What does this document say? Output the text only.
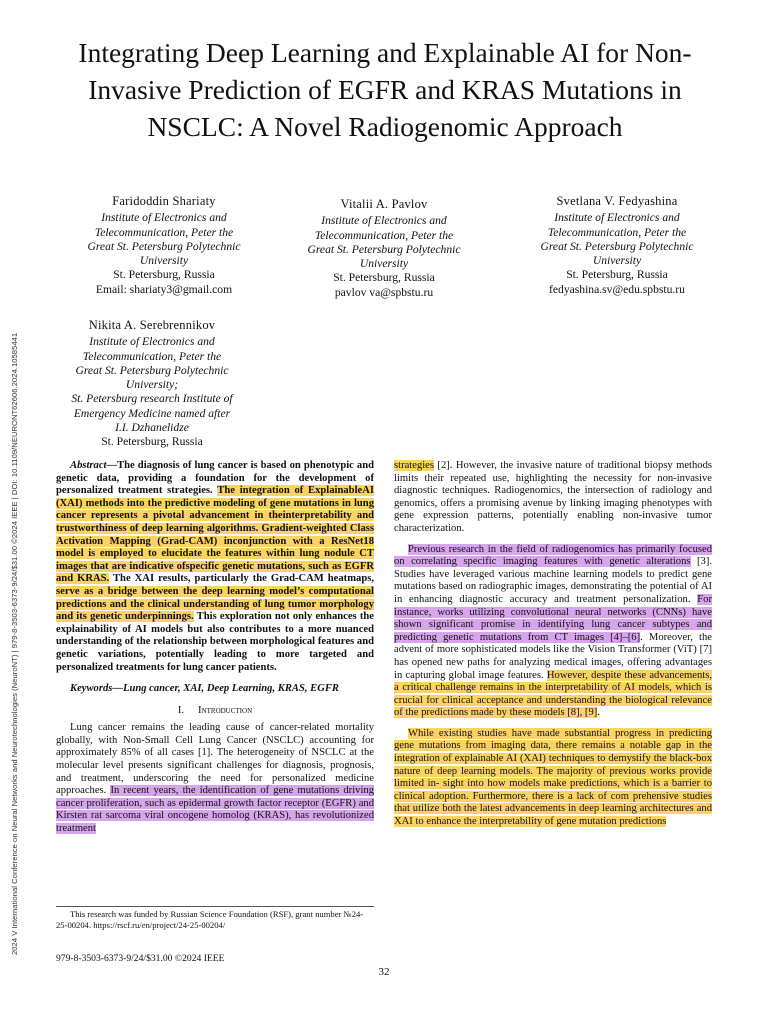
2024 V International Conference on Neural Networks and Neurotechnologies (NeuroNT) | 979-8-3503-6373-9/24/$31.00 ©2024 IEEE | DOI: 10.1109/NEURONT62606.2024.10585441
Integrating Deep Learning and Explainable AI for Non-Invasive Prediction of EGFR and KRAS Mutations in NSCLC: A Novel Radiogenomic Approach
Faridoddin Shariaty
Institute of Electronics and
Telecommunication, Peter the
Great St. Petersburg Polytechnic
University
St. Petersburg, Russia
Email: shariaty3@gmail.com
Vitalii A. Pavlov
Institute of Electronics and
Telecommunication, Peter the
Great St. Petersburg Polytechnic
University
St. Petersburg, Russia
pavlov va@spbstu.ru
Svetlana V. Fedyashina
Institute of Electronics and
Telecommunication, Peter the
Great St. Petersburg Polytechnic
University
St. Petersburg, Russia
fedyashina.sv@edu.spbstu.ru
Nikita A. Serebrennikov
Institute of Electronics and
Telecommunication, Peter the
Great St. Petersburg Polytechnic
University;
St. Petersburg research Institute of
Emergency Medicine named after
I.I. Dzhanelidze
St. Petersburg, Russia

Abstract—The diagnosis of lung cancer is based on phenotypic and genetic data, providing a foundation for the development of personalized treatment strategies. The integration of ExplainableAI (XAI) methods into the predictive modeling of gene mutations in lung cancer represents a pivotal advancement in theinterpretability and trustworthiness of deep learning algorithms. Gradient-weighted Class Activation Mapping (Grad-CAM) inconjunction with a ResNet18 model is employed to elucidate the features within lung nodule CT images that are indicative ofspecific genetic mutations, such as EGFR and KRAS. The XAI results, particularly the Grad-CAM heatmaps, serve as a bridge between the deep learning model’s computational predictions and the clinical understanding of lung tumor morphology and its genetic underpinnings. This exploration not only enhances the explainability of AI models but also contributes to a more nuanced understanding of the relationship between morphological features and genetic variations, potentially leading to more targeted and personalized treatments for lung cancer patients.

Keywords—Lung cancer, XAI, Deep Learning, KRAS, EGFR

I. Introduction

Lung cancer remains the leading cause of cancer-related mortality globally, with Non-Small Cell Lung Cancer (NSCLC) accounting for approximately 85% of all cases [1]. The heterogeneity of NSCLC at the molecular level presents significant challenges for diagnosis, prognosis, and treatment, underscoring the need for personalized medicine approaches. In recent years, the identification of gene mutations driving cancer proliferation, such as epidermal growth factor receptor (EGFR) and Kirsten rat sarcoma viral oncogene homolog (KRAS), has revolutionized treatment

This research was funded by Russian Science Foundation (RSF), grant number №24-25-00204. https://rscf.ru/en/project/24-25-00204/

strategies [2]. However, the invasive nature of traditional biopsy methods limits their repeated use, highlighting the necessity for non-invasive diagnostic techniques. Radiogenomics, the intersection of radiology and genomics, offers a promising avenue by linking imaging phenotypes with gene expression patterns, potentially enabling non-invasive tumor characterization.

Previous research in the field of radiogenomics has primarily focused on correlating specific imaging features with genetic alterations [3]. Studies have leveraged various machine learning models to predict gene mutations based on radiographic images, demonstrating the potential of AI in enhancing diagnostic accuracy and treatment personalization. For instance, works utilizing convolutional neural networks (CNNs) have shown significant promise in identifying lung cancer subtypes and predicting genetic mutations from CT images [4]–[6]. Moreover, the advent of more sophisticated models like the Vision Transformer (ViT) [7] has opened new paths for analyzing medical images, offering advantages in capturing global image features. However, despite these advancements, a critical challenge remains in the interpretability of AI models, which is crucial for clinical acceptance and understanding the biological relevance of the predictions made by these models [8], [9].

While existing studies have made substantial progress in predicting gene mutations from imaging data, there remains a notable gap in the integration of explainable AI (XAI) techniques to demystify the black-box nature of deep learning models. The majority of previous works provide limited in- sight into how models make predictions, which is a barrier to clinical adoption. Furthermore, there is a lack of com prehensive studies that utilize both the latest advancements in deep learning architectures and XAI to enhance the interpretability of gene mutation predictions

979-8-3503-6373-9/24/$31.00 ©2024 IEEE
32
